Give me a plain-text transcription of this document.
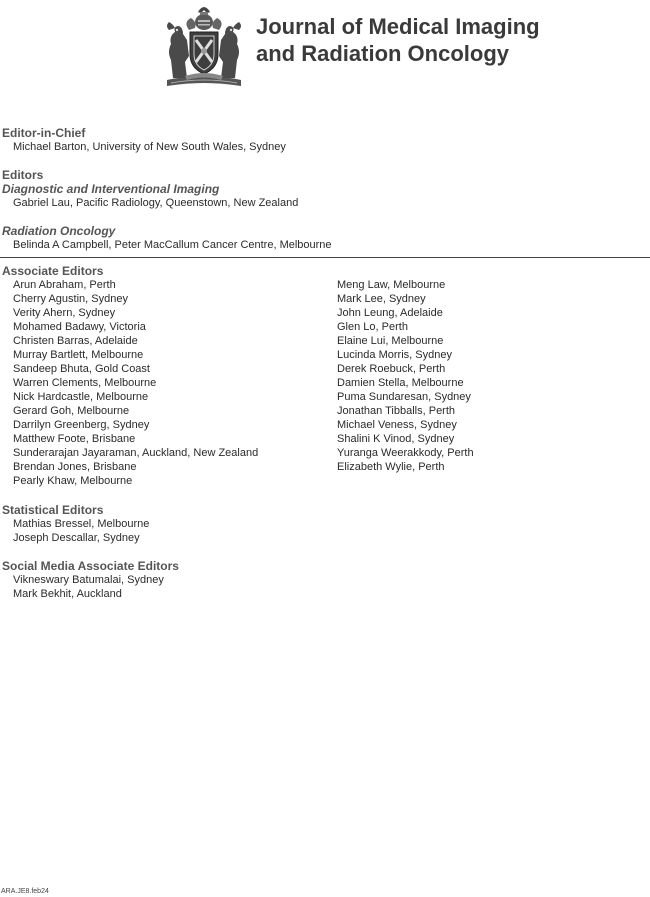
Journal of Medical Imaging
and Radiation Oncology
Editor-in-Chief
Michael Barton, University of New South Wales, Sydney
Editors
Diagnostic and Interventional Imaging
Gabriel Lau, Pacific Radiology, Queenstown, New Zealand
Radiation Oncology
Belinda A Campbell, Peter MacCallum Cancer Centre, Melbourne
Associate Editors
Arun Abraham, Perth
Cherry Agustin, Sydney
Verity Ahern, Sydney
Mohamed Badawy, Victoria
Christen Barras, Adelaide
Murray Bartlett, Melbourne
Sandeep Bhuta, Gold Coast
Warren Clements, Melbourne
Nick Hardcastle, Melbourne
Gerard Goh, Melbourne
Darrilyn Greenberg, Sydney
Matthew Foote, Brisbane
Sunderarajan Jayaraman, Auckland, New Zealand
Brendan Jones, Brisbane
Pearly Khaw, Melbourne
Meng Law, Melbourne
Mark Lee, Sydney
John Leung, Adelaide
Glen Lo, Perth
Elaine Lui, Melbourne
Lucinda Morris, Sydney
Derek Roebuck, Perth
Damien Stella, Melbourne
Puma Sundaresan, Sydney
Jonathan Tibballs, Perth
Michael Veness, Sydney
Shalini K Vinod, Sydney
Yuranga Weerakkody, Perth
Elizabeth Wylie, Perth
Statistical Editors
Mathias Bressel, Melbourne
Joseph Descallar, Sydney
Social Media Associate Editors
Vikneswary Batumalai, Sydney
Mark Bekhit, Auckland
ARA.JE8.feb24
